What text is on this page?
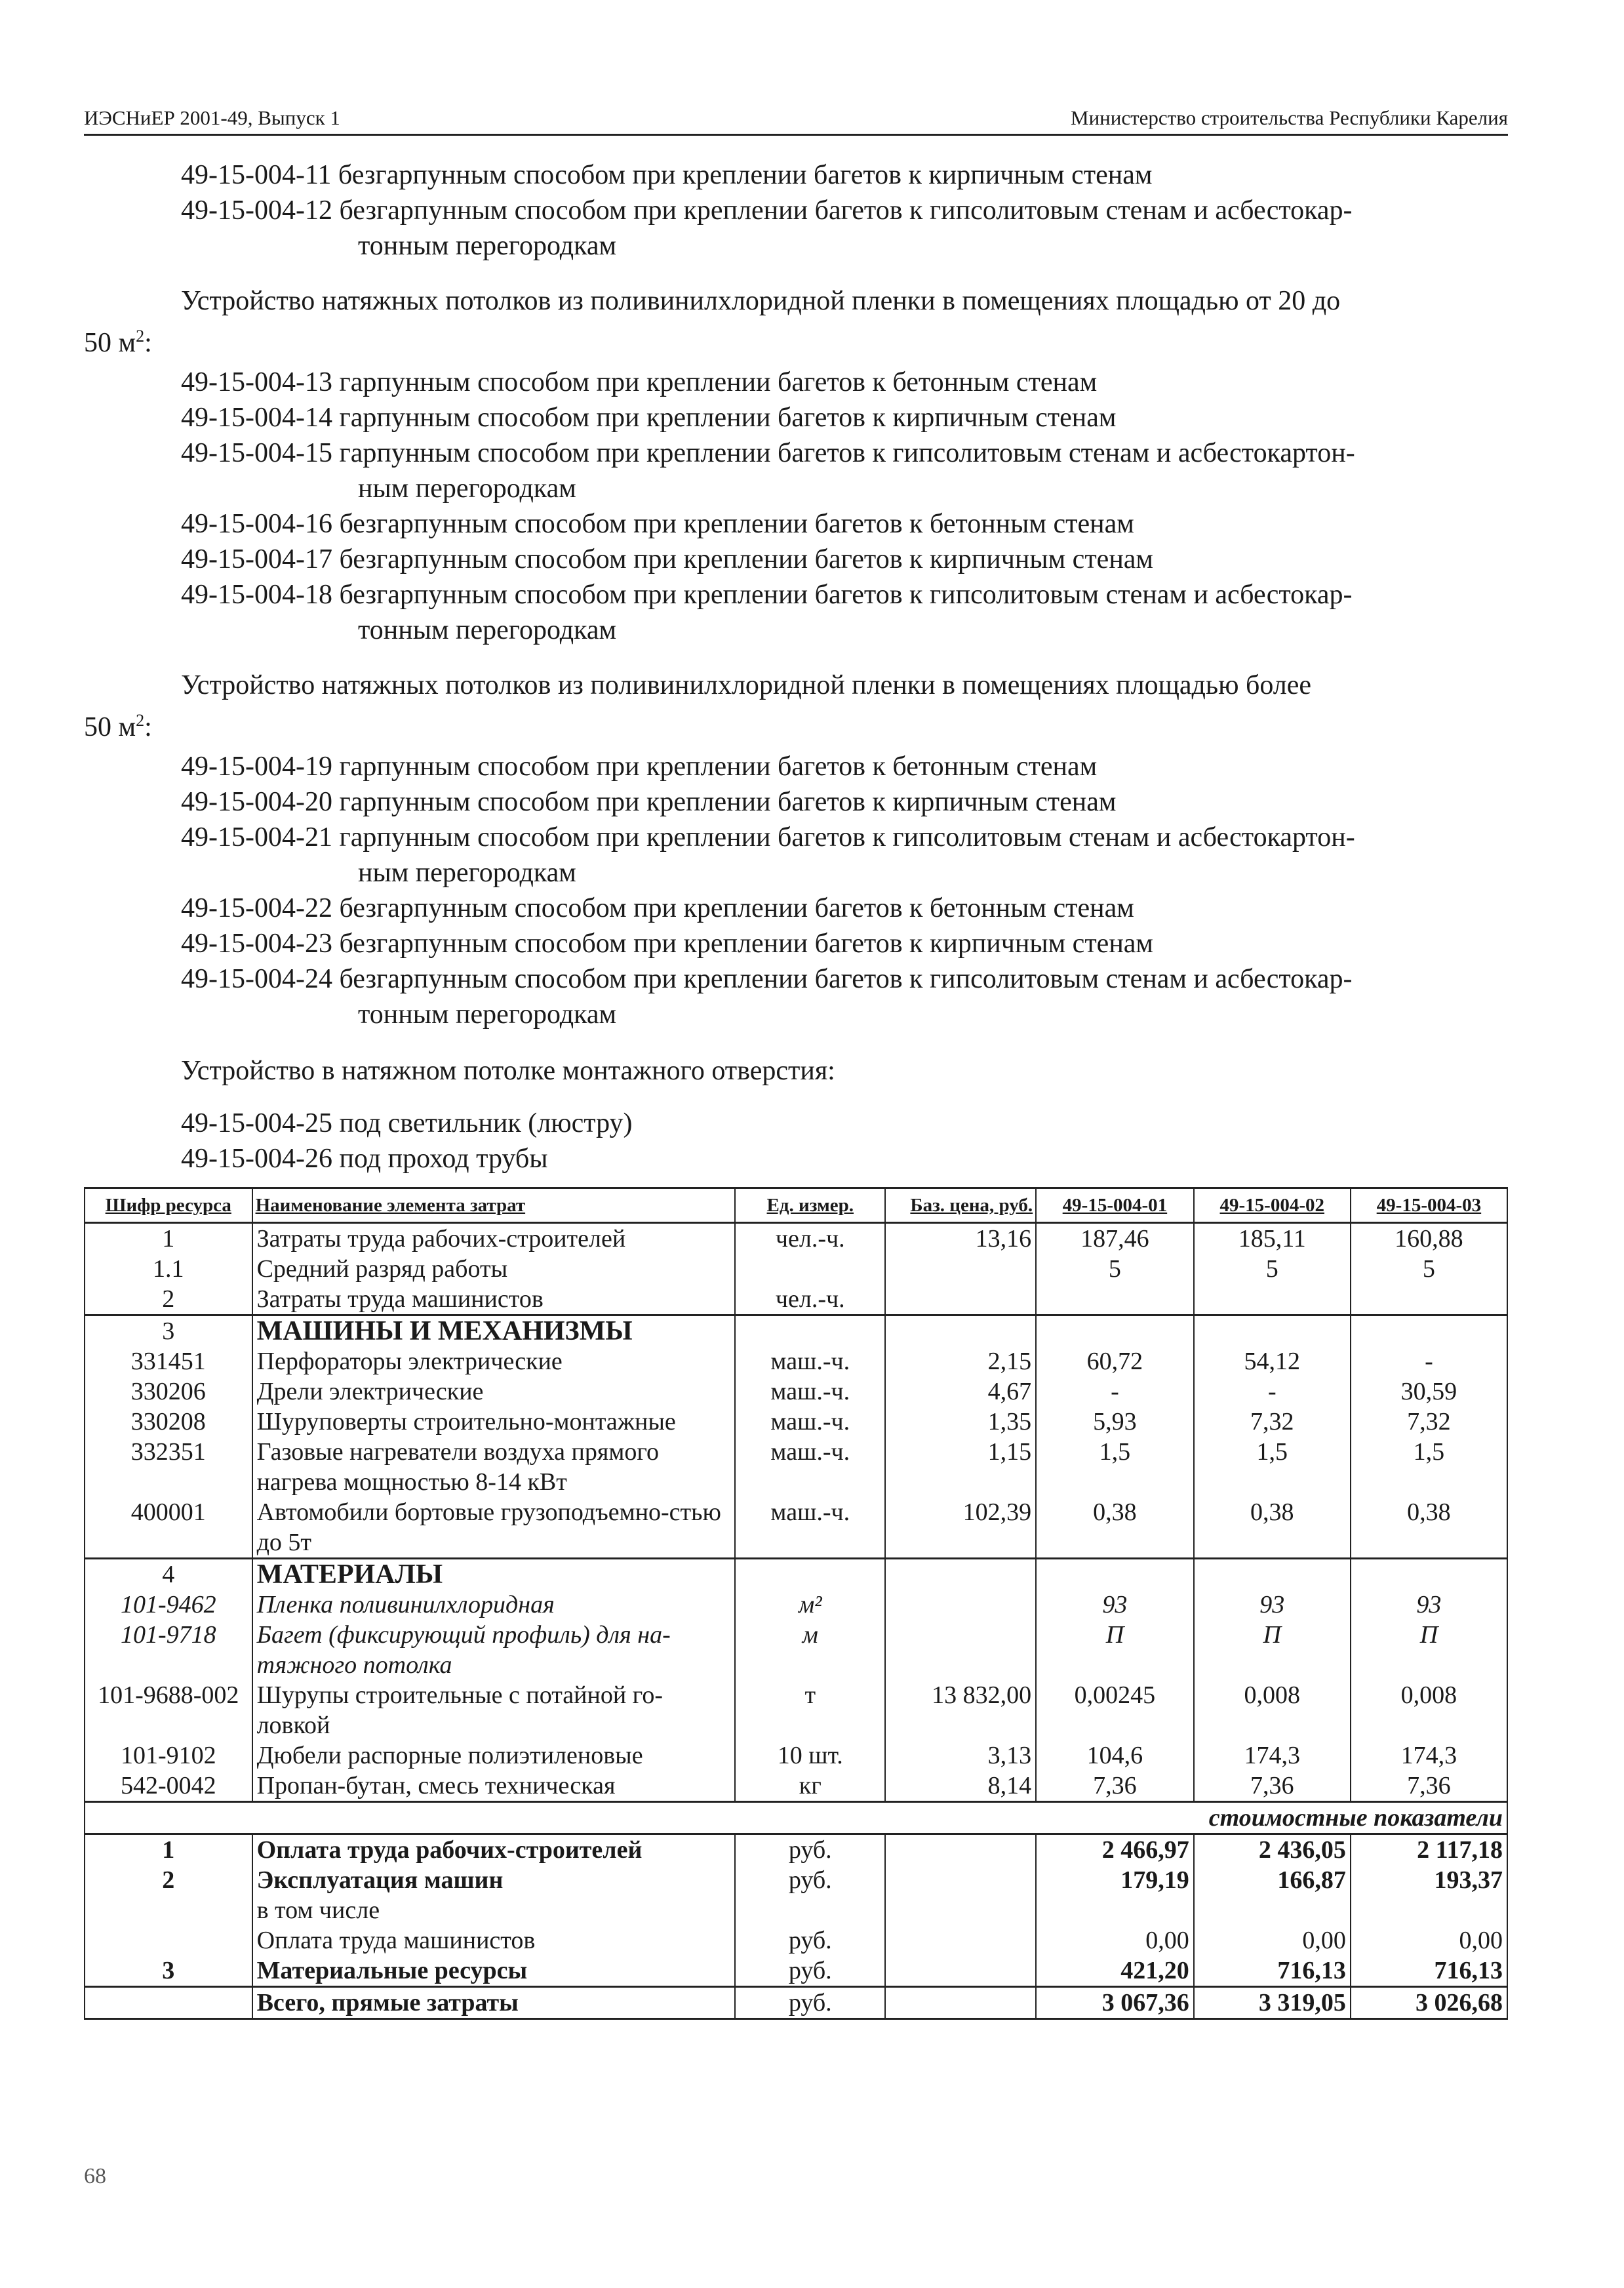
ИЭСНиЕР 2001-49, Выпуск 1	Министерство строительства Республики Карелия
49-15-004-11 безгарпунным способом при креплении багетов к кирпичным стенам
49-15-004-12 безгарпунным способом при креплении багетов к гипсолитовым стенам и асбестокар-
тонным перегородкам
Устройство натяжных потолков из поливинилхлоридной пленки в помещениях площадью от 20 до
50 $м^2$:
49-15-004-13 гарпунным способом при креплении багетов к бетонным стенам
49-15-004-14 гарпунным способом при креплении багетов к кирпичным стенам
49-15-004-15 гарпунным способом при креплении багетов к гипсолитовым стенам и асбестокартон-
ным перегородкам
49-15-004-16 безгарпунным способом при креплении багетов к бетонным стенам
49-15-004-17 безгарпунным способом при креплении багетов к кирпичным стенам
49-15-004-18 безгарпунным способом при креплении багетов к гипсолитовым стенам и асбестокар-
тонным перегородкам
Устройство натяжных потолков из поливинилхлоридной пленки в помещениях площадью более
50 $м^2$:
49-15-004-19 гарпунным способом при креплении багетов к бетонным стенам
49-15-004-20 гарпунным способом при креплении багетов к кирпичным стенам
49-15-004-21 гарпунным способом при креплении багетов к гипсолитовым стенам и асбестокартон-
ным перегородкам
49-15-004-22 безгарпунным способом при креплении багетов к бетонным стенам
49-15-004-23 безгарпунным способом при креплении багетов к кирпичным стенам
49-15-004-24 безгарпунным способом при креплении багетов к гипсолитовым стенам и асбестокар-
тонным перегородкам
Устройство в натяжном потолке монтажного отверстия:
49-15-004-25 под светильник (люстру)
49-15-004-26 под проход трубы
Шифр ресурса	Наименование элемента затрат	Ед. измер.	Баз. цена, руб.	49-15-004-01	49-15-004-02	49-15-004-03
1	Затраты труда рабочих-строителей	чел.-ч.	13,16	187,46	185,11	160,88
1.1	Средний разряд работы			5	5	5
2	Затраты труда машинистов	чел.-ч.				
3	МАШИНЫ И МЕХАНИЗМЫ					
331451	Перфораторы электрические	маш.-ч.	2,15	60,72	54,12	-
330206	Дрели электрические	маш.-ч.	4,67	-	-	30,59
330208	Шуруповерты строительно-монтажные	маш.-ч.	1,35	5,93	7,32	7,32
332351	Газовые нагреватели воздуха прямого нагрева мощностью 8-14 кВт	маш.-ч.	1,15	1,5	1,5	1,5
400001	Автомобили бортовые грузоподъемно-стью до 5т	маш.-ч.	102,39	0,38	0,38	0,38
4	МАТЕРИАЛЫ					
101-9462	Пленка поливинилхлоридная	м²		93	93	93
101-9718	Багет (фиксирующий профиль) для на-тяжного потолка	м		П	П	П
101-9688-002	Шурупы строительные с потайной го-ловкой	т	13 832,00	0,00245	0,008	0,008
101-9102	Дюбели распорные полиэтиленовые	10 шт.	3,13	104,6	174,3	174,3
542-0042	Пропан-бутан, смесь техническая	кг	8,14	7,36	7,36	7,36
стоимостные показатели						
1	Оплата труда рабочих-строителей	руб.		2 466,97	2 436,05	2 117,18
2	Эксплуатация машин	руб.		179,19	166,87	193,37
	в том числе					
	Оплата труда машинистов	руб.		0,00	0,00	0,00
3	Материальные ресурсы	руб.		421,20	716,13	716,13
	Всего, прямые затраты	руб.		3 067,36	3 319,05	3 026,68
68
